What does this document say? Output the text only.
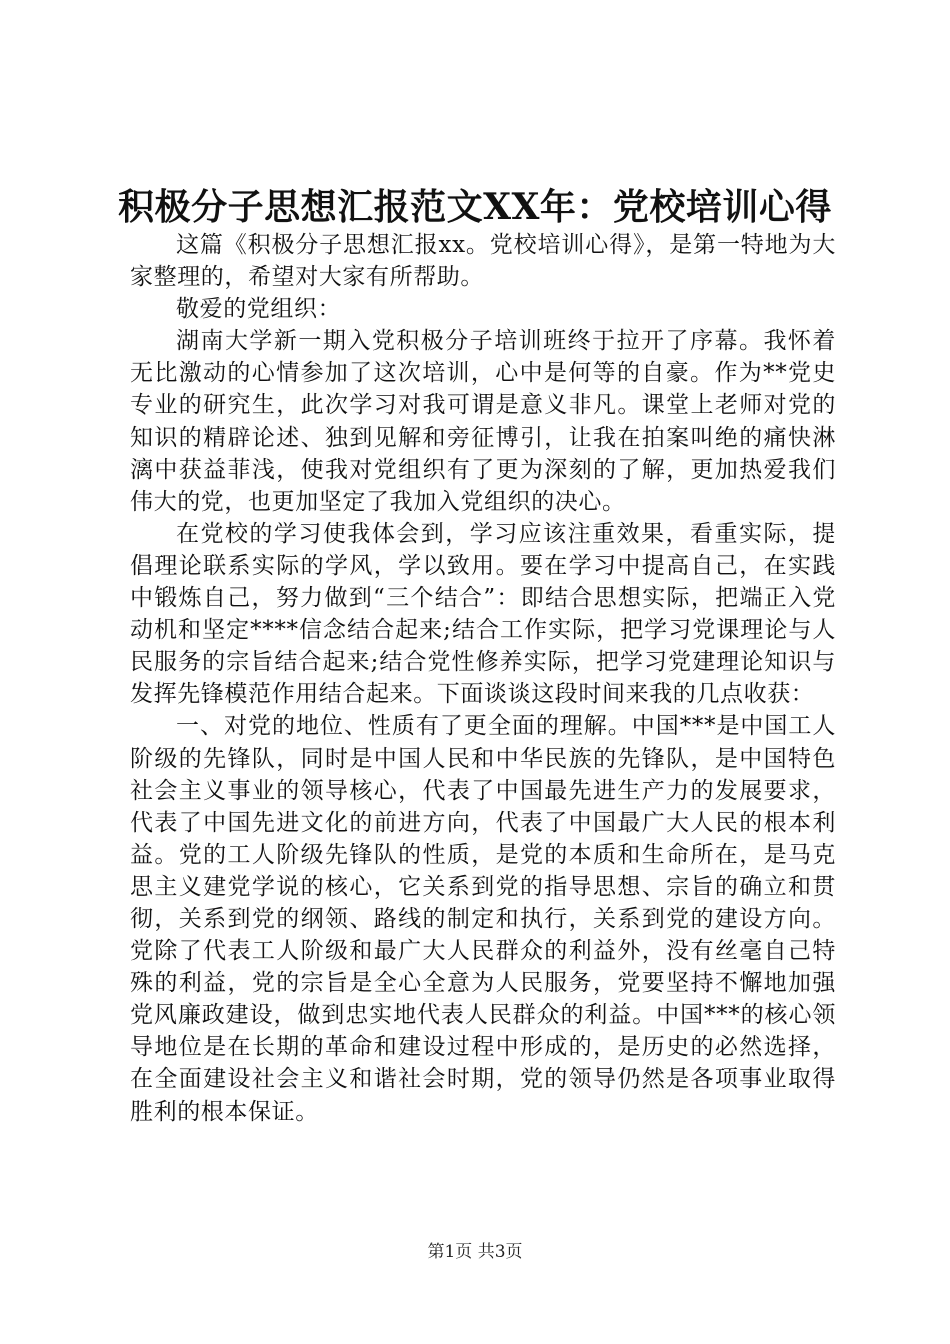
积极分子思想汇报范文XX年：党校培训心得

这篇《积极分子思想汇报xx。党校培训心得》，是第一特地为大家整理的，希望对大家有所帮助。

敬爱的党组织：

湖南大学新一期入党积极分子培训班终于拉开了序幕。我怀着无比激动的心情参加了这次培训，心中是何等的自豪。作为**党史专业的研究生，此次学习对我可谓是意义非凡。课堂上老师对党的知识的精辟论述、独到见解和旁征博引，让我在拍案叫绝的痛快淋漓中获益菲浅，使我对党组织有了更为深刻的了解，更加热爱我们伟大的党，也更加坚定了我加入党组织的决心。

在党校的学习使我体会到，学习应该注重效果，看重实际，提倡理论联系实际的学风，学以致用。要在学习中提高自己，在实践中锻炼自己，努力做到“三个结合”：即结合思想实际，把端正入党动机和坚定****信念结合起来;结合工作实际，把学习党课理论与人民服务的宗旨结合起来;结合党性修养实际，把学习党建理论知识与发挥先锋模范作用结合起来。下面谈谈这段时间来我的几点收获：

一、对党的地位、性质有了更全面的理解。中国***是中国工人阶级的先锋队，同时是中国人民和中华民族的先锋队，是中国特色社会主义事业的领导核心，代表了中国最先进生产力的发展要求，代表了中国先进文化的前进方向，代表了中国最广大人民的根本利益。党的工人阶级先锋队的性质，是党的本质和生命所在，是马克思主义建党学说的核心，它关系到党的指导思想、宗旨的确立和贯彻，关系到党的纲领、路线的制定和执行，关系到党的建设方向。党除了代表工人阶级和最广大人民群众的利益外，没有丝毫自己特殊的利益，党的宗旨是全心全意为人民服务，党要坚持不懈地加强党风廉政建设，做到忠实地代表人民群众的利益。中国***的核心领导地位是在长期的革命和建设过程中形成的，是历史的必然选择，在全面建设社会主义和谐社会时期，党的领导仍然是各项事业取得胜利的根本保证。

第1页 共3页
